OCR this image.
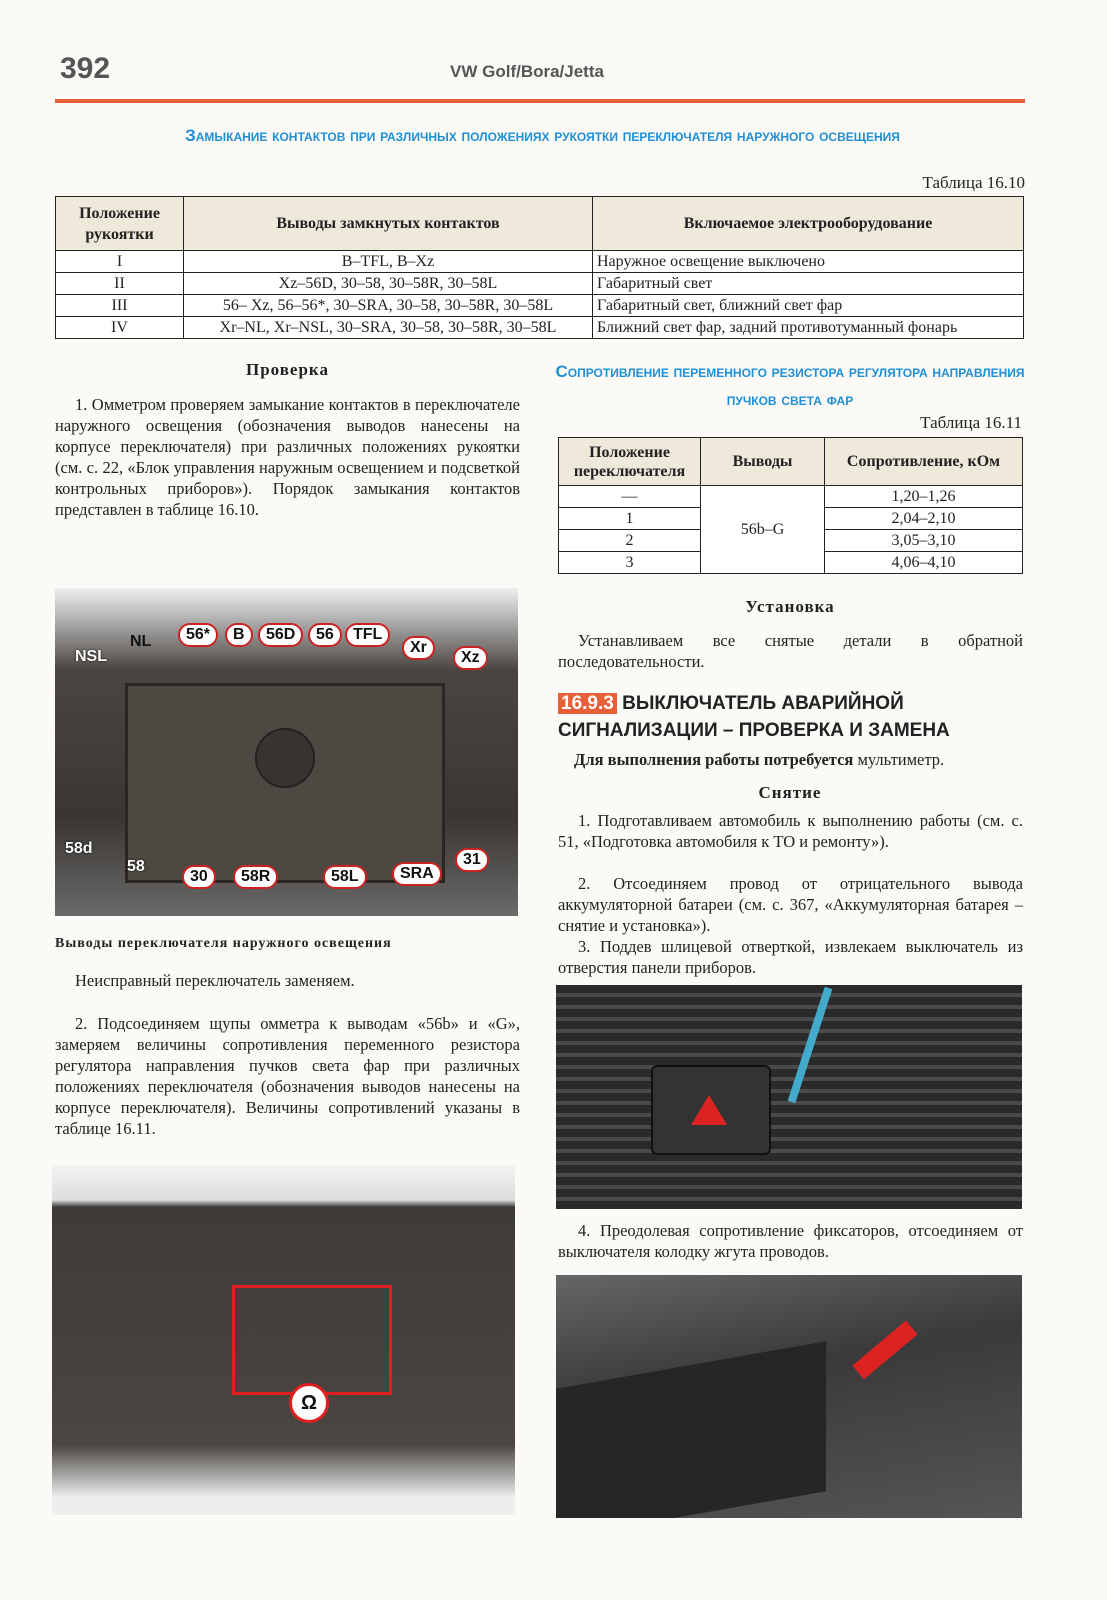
392	VW Golf/Bora/Jetta
Замыкание контактов при различных положениях рукоятки переключателя наружного освещения
Таблица 16.10
Положение рукоятки	Выводы замкнутых контактов	Включаемое электрооборудование
I	B–TFL, B–Xz	Наружное освещение выключено
II	Xz–56D, 30–58, 30–58R, 30–58L	Габаритный свет
III	56– Xz, 56–56*, 30–SRA, 30–58, 30–58R, 30–58L	Габаритный свет, ближний свет фар
IV	Xr–NL, Xr–NSL, 30–SRA, 30–58, 30–58R, 30–58L	Ближний свет фар, задний противотуманный фонарь
Проверка

1. Омметром проверяем замыкание контактов в переключателе наружного освещения (обозначения выводов нанесены на корпусе переключателя) при различных положениях рукоятки (см. с. 22, «Блок управления наружным освещением и подсветкой контрольных приборов»). Порядок замыкания контактов представлен в таблице 16.10.

NSL
NL	56*	B	56D	56	TFL
Xr
Xz
58d
58
30	58R	58L	SRA
31
Выводы переключателя наружного освещения

Неисправный переключатель заменяем.

2. Подсоединяем щупы омметра к выводам «56b» и «G», замеряем величины сопротивления переменного резистора регулятора направления пучков света фар при различных положениях переключателя (обозначения выводов нанесены на корпусе переключателя). Величины сопротивлений указаны в таблице 16.11.

Ω
Сопротивление переменного резистора регулятора направления пучков света фар
Таблица 16.11
Положение переключателя	Выводы	Сопротивление, кОм
—	56b–G	1,20–1,26
1		2,04–2,10
2		3,05–3,10
3		4,06–4,10
Установка

Устанавливаем все снятые детали в обратной последовательности.

16.9.3 ВЫКЛЮЧАТЕЛЬ АВАРИЙНОЙ СИГНАЛИЗАЦИИ – ПРОВЕРКА И ЗАМЕНА
Для выполнения работы потребуется мультиметр.
Снятие

1. Подготавливаем автомобиль к выполнению работы (см. с. 51, «Подготовка автомобиля к ТО и ремонту»).

2. Отсоединяем провод от отрицательного вывода аккумуляторной батареи (см. с. 367, «Аккумуляторная батарея – снятие и установка»).

3. Поддев шлицевой отверткой, извлекаем выключатель из отверстия панели приборов.

4. Преодолевая сопротивление фиксаторов, отсоединяем от выключателя колодку жгута проводов.
